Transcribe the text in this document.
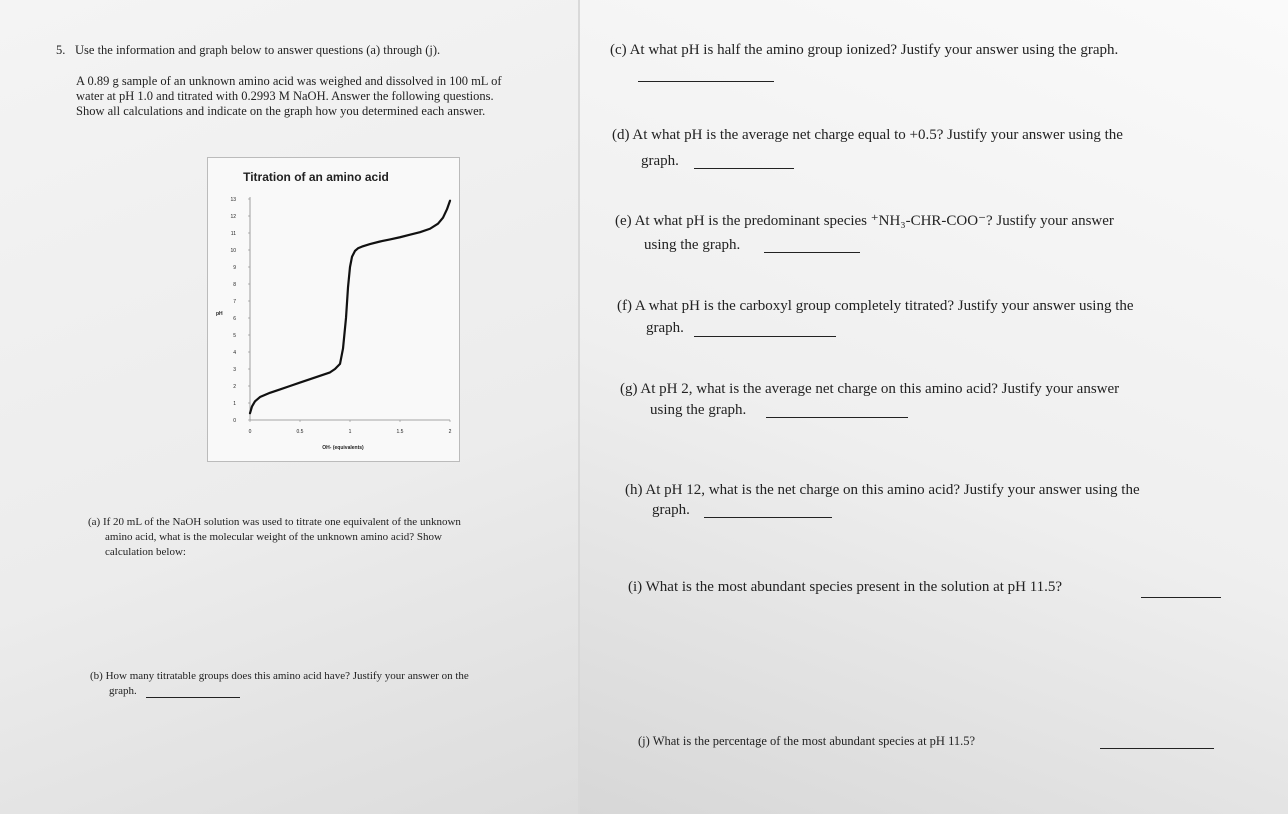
5. Use the information and graph below to answer questions (a) through (j).
A 0.89 g sample of an unknown amino acid was weighed and dissolved in 100 mL of
water at pH 1.0 and titrated with 0.2993 M NaOH. Answer the following questions.
Show all calculations and indicate on the graph how you determined each answer.
Titration of an amino acid
pH
OH- (equivalents)
0
1
2
3
4
5
6
7
8
9
10
11
12
13
0	0.5	1	1.5	2
(a) If 20 mL of the NaOH solution was used to titrate one equivalent of the unknown
amino acid, what is the molecular weight of the unknown amino acid? Show
calculation below:
(b) How many titratable groups does this amino acid have? Justify your answer on the
graph.
(c) At what pH is half the amino group ionized? Justify your answer using the graph.
(d) At what pH is the average net charge equal to +0.5? Justify your answer using the
graph.
(e) At what pH is the predominant species ⁺NH₃-CHR-COO⁻? Justify your answer
using the graph.
(f) A what pH is the carboxyl group completely titrated? Justify your answer using the
graph.
(g) At pH 2, what is the average net charge on this amino acid? Justify your answer
using the graph.
(h) At pH 12, what is the net charge on this amino acid? Justify your answer using the
graph.
(i) What is the most abundant species present in the solution at pH 11.5?
(j) What is the percentage of the most abundant species at pH 11.5?
